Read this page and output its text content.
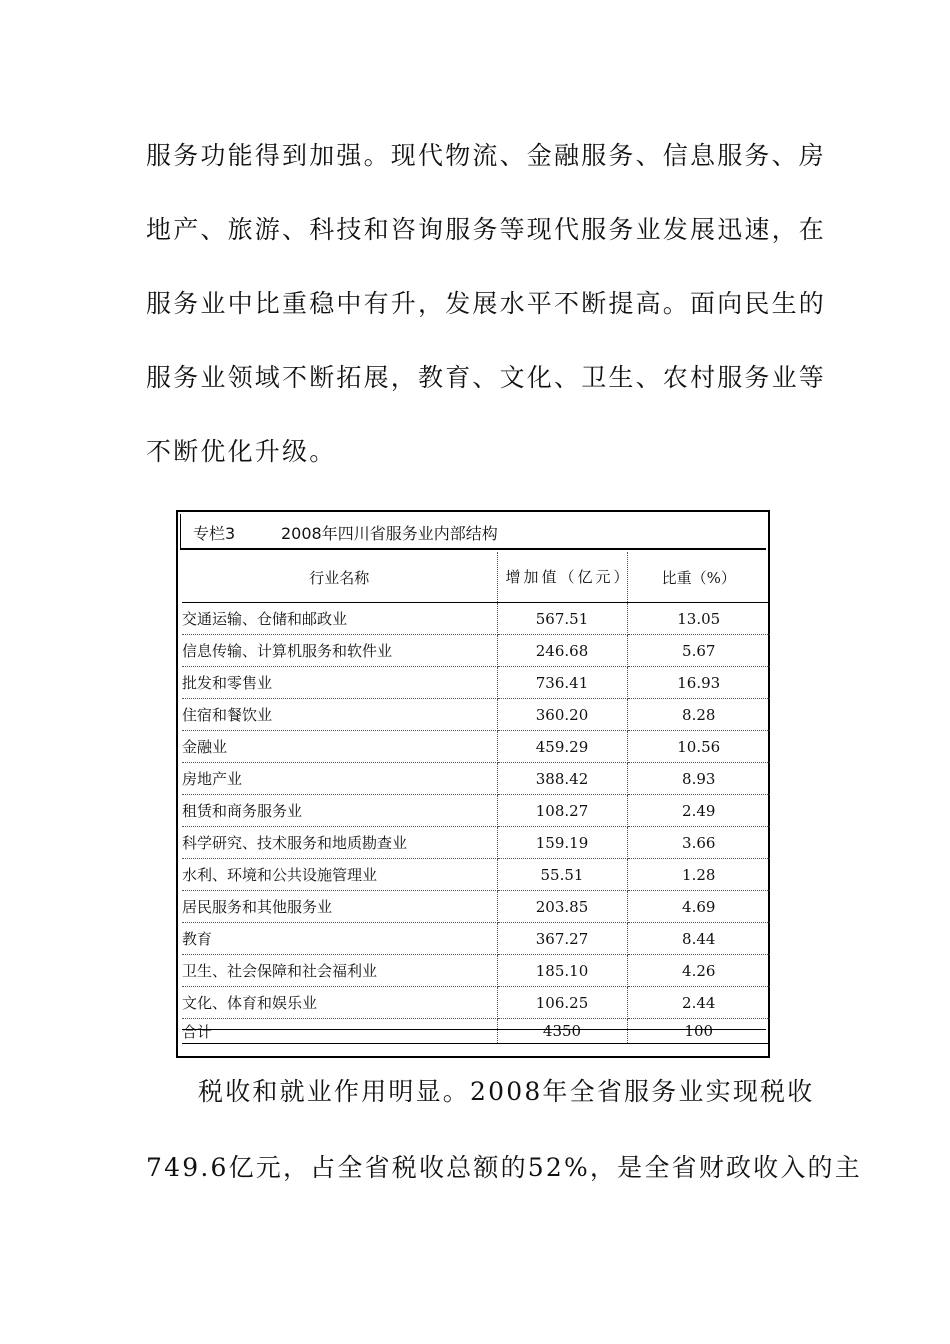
服务功能得到加强。现代物流、金融服务、信息服务、房
地产、旅游、科技和咨询服务等现代服务业发展迅速，在
服务业中比重稳中有升，发展水平不断提高。面向民生的
服务业领域不断拓展，教育、文化、卫生、农村服务业等
不断优化升级。
专栏3	2008年四川省服务业内部结构
行业名称	增加值（亿元）	比重（%）
交通运输、仓储和邮政业	567.51	13.05
信息传输、计算机服务和软件业	246.68	5.67
批发和零售业	736.41	16.93
住宿和餐饮业	360.20	8.28
金融业	459.29	10.56
房地产业	388.42	8.93
租赁和商务服务业	108.27	2.49
科学研究、技术服务和地质勘查业	159.19	3.66
水利、环境和公共设施管理业	55.51	1.28
居民服务和其他服务业	203.85	4.69
教育	367.27	8.44
卫生、社会保障和社会福利业	185.10	4.26
文化、体育和娱乐业	106.25	2.44
合计	4350	100
税收和就业作用明显。2008年全省服务业实现税收
749.6亿元，占全省税收总额的52%，是全省财政收入的主
